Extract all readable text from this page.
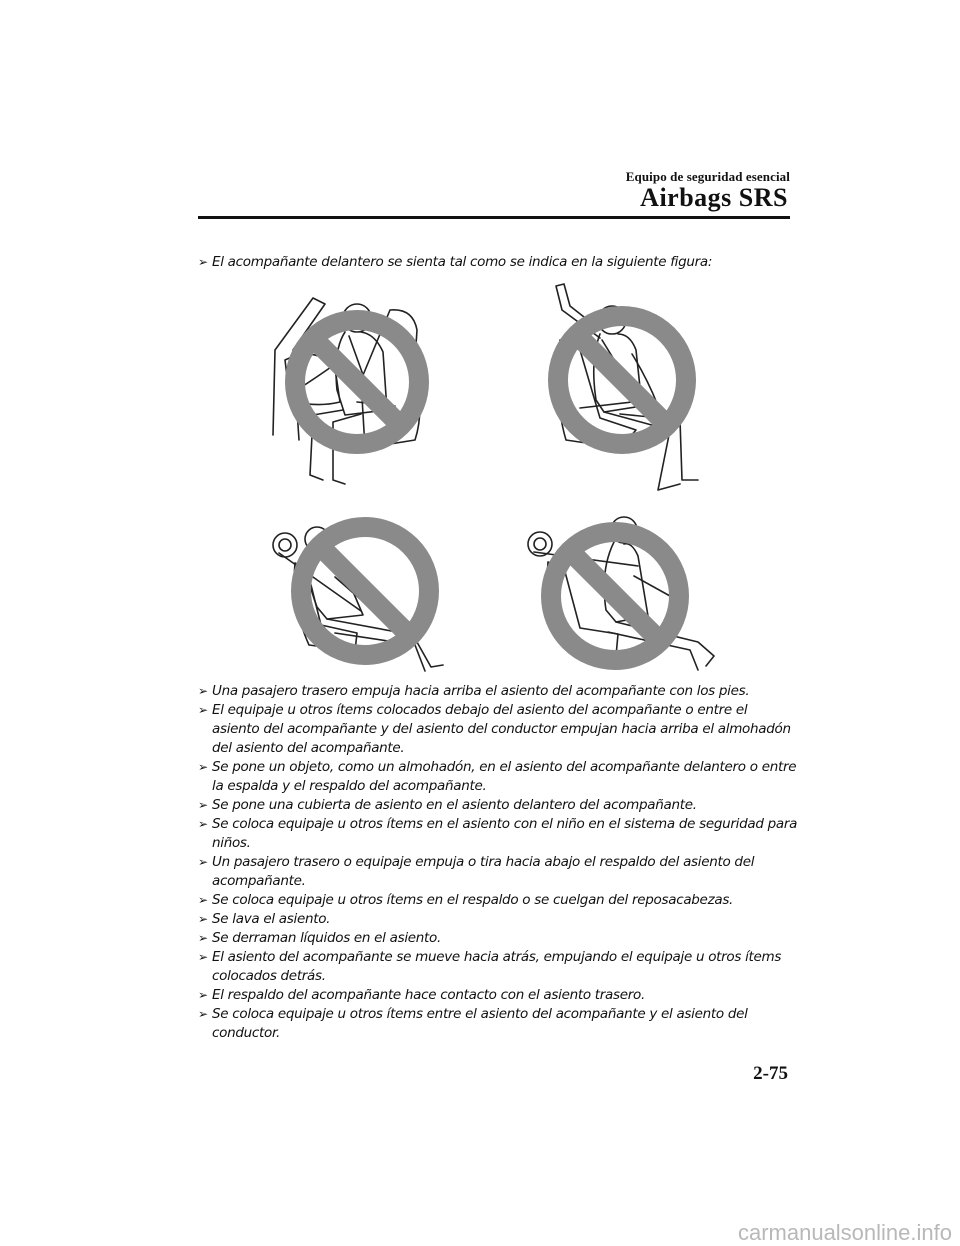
Equipo de seguridad esencial
Airbags SRS
➢ El acompañante delantero se sienta tal como se indica en la siguiente figura:
➢ Una pasajero trasero empuja hacia arriba el asiento del acompañante con los pies.
➢ El equipaje u otros ítems colocados debajo del asiento del acompañante o entre el asiento del acompañante y del asiento del conductor empujan hacia arriba el almohadón del asiento del acompañante.
➢ Se pone un objeto, como un almohadón, en el asiento del acompañante delantero o entre la espalda y el respaldo del acompañante.
➢ Se pone una cubierta de asiento en el asiento delantero del acompañante.
➢ Se coloca equipaje u otros ítems en el asiento con el niño en el sistema de seguridad para niños.
➢ Un pasajero trasero o equipaje empuja o tira hacia abajo el respaldo del asiento del acompañante.
➢ Se coloca equipaje u otros ítems en el respaldo o se cuelgan del reposacabezas.
➢ Se lava el asiento.
➢ Se derraman líquidos en el asiento.
➢ El asiento del acompañante se mueve hacia atrás, empujando el equipaje u otros ítems colocados detrás.
➢ El respaldo del acompañante hace contacto con el asiento trasero.
➢ Se coloca equipaje u otros ítems entre el asiento del acompañante y el asiento del conductor.
2-75
carmanualsonline.info
